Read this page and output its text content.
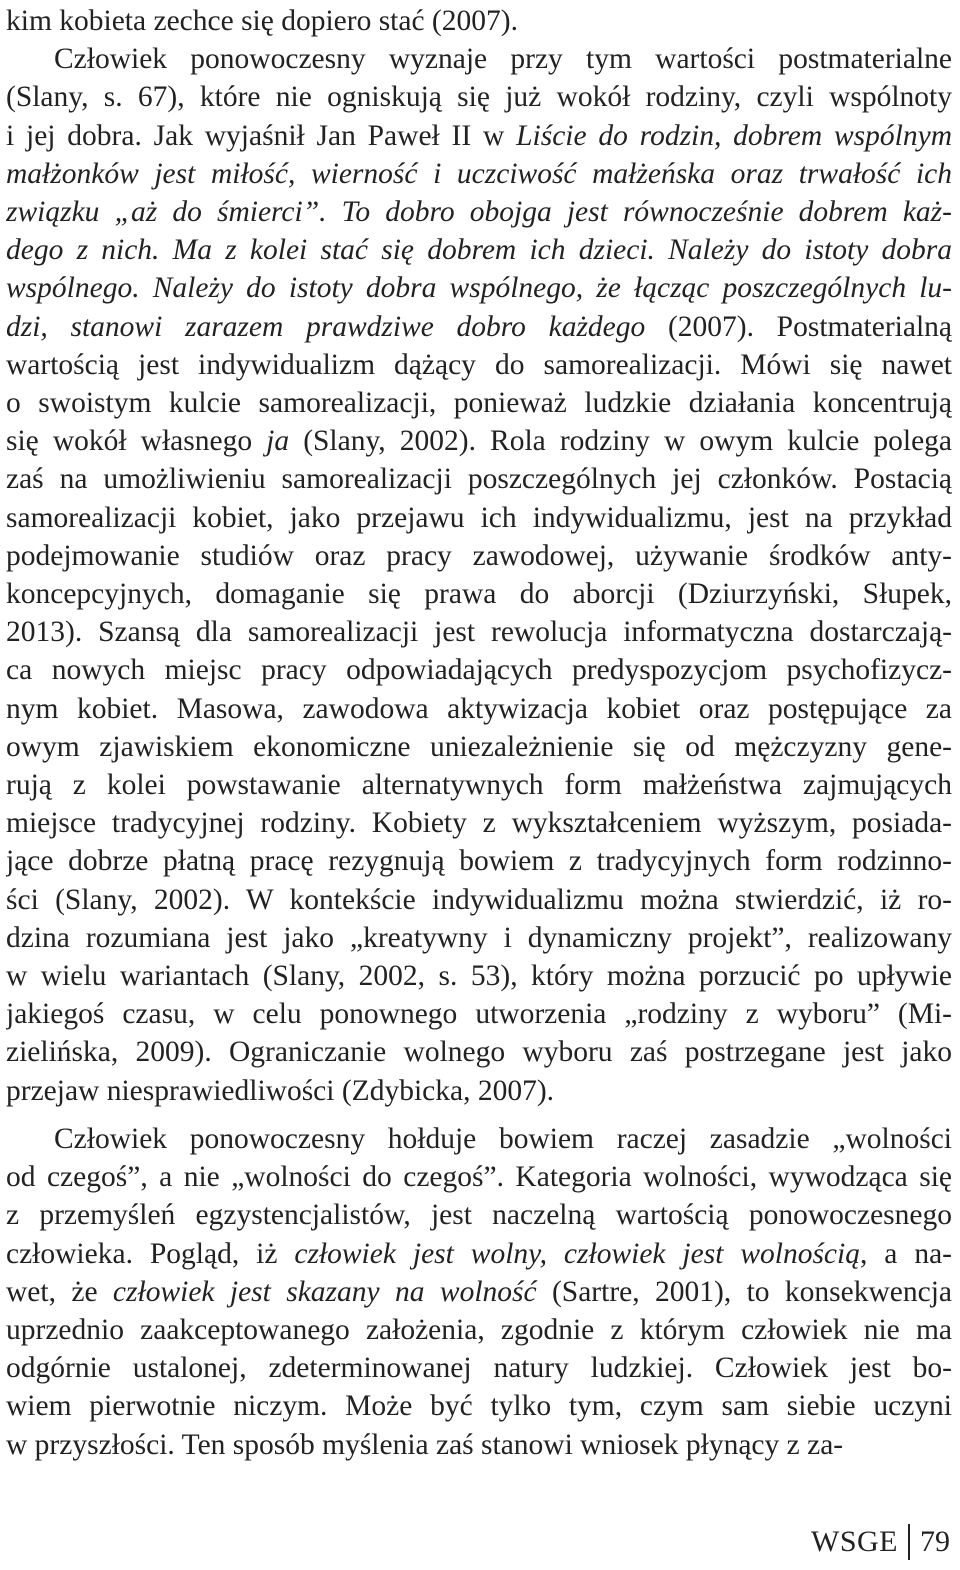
kim kobieta zechce się dopiero stać (2007).
Człowiek ponowoczesny wyznaje przy tym wartości postmaterialne
(Slany, s. 67), które nie ogniskują się już wokół rodziny, czyli wspólnoty
i jej dobra. Jak wyjaśnił Jan Paweł II w Liście do rodzin, dobrem wspólnym
małżonków jest miłość, wierność i uczciwość małżeńska oraz trwałość ich
związku „aż do śmierci”. To dobro obojga jest równocześnie dobrem każ-
dego z nich. Ma z kolei stać się dobrem ich dzieci. Należy do istoty dobra
wspólnego. Należy do istoty dobra wspólnego, że łącząc poszczególnych lu-
dzi, stanowi zarazem prawdziwe dobro każdego (2007). Postmaterialną
wartością jest indywidualizm dążący do samorealizacji. Mówi się nawet
o swoistym kulcie samorealizacji, ponieważ ludzkie działania koncentrują
się wokół własnego ja (Slany, 2002). Rola rodziny w owym kulcie polega
zaś na umożliwieniu samorealizacji poszczególnych jej członków. Postacią
samorealizacji kobiet, jako przejawu ich indywidualizmu, jest na przykład
podejmowanie studiów oraz pracy zawodowej, używanie środków anty-
koncepcyjnych, domaganie się prawa do aborcji (Dziurzyński, Słupek,
2013). Szansą dla samorealizacji jest rewolucja informatyczna dostarczają-
ca nowych miejsc pracy odpowiadających predyspozycjom psychofizycz-
nym kobiet. Masowa, zawodowa aktywizacja kobiet oraz postępujące za
owym zjawiskiem ekonomiczne uniezależnienie się od mężczyzny gene-
rują z kolei powstawanie alternatywnych form małżeństwa zajmujących
miejsce tradycyjnej rodziny. Kobiety z wykształceniem wyższym, posiada-
jące dobrze płatną pracę rezygnują bowiem z tradycyjnych form rodzinno-
ści (Slany, 2002). W kontekście indywidualizmu można stwierdzić, iż ro-
dzina rozumiana jest jako „kreatywny i dynamiczny projekt”, realizowany
w wielu wariantach (Slany, 2002, s. 53), który można porzucić po upływie
jakiegoś czasu, w celu ponownego utworzenia „rodziny z wyboru” (Mi-
zielińska, 2009). Ograniczanie wolnego wyboru zaś postrzegane jest jako
przejaw niesprawiedliwości (Zdybicka, 2007).
Człowiek ponowoczesny hołduje bowiem raczej zasadzie „wolności
od czegoś”, a nie „wolności do czegoś”. Kategoria wolności, wywodząca się
z przemyśleń egzystencjalistów, jest naczelną wartością ponowoczesnego
człowieka. Pogląd, iż człowiek jest wolny, człowiek jest wolnością, a na-
wet, że człowiek jest skazany na wolność (Sartre, 2001), to konsekwencja
uprzednio zaakceptowanego założenia, zgodnie z którym człowiek nie ma
odgórnie ustalonej, zdeterminowanej natury ludzkiej. Człowiek jest bo-
wiem pierwotnie niczym. Może być tylko tym, czym sam siebie uczyni
w przyszłości. Ten sposób myślenia zaś stanowi wniosek płynący z za-
WSGE 79
